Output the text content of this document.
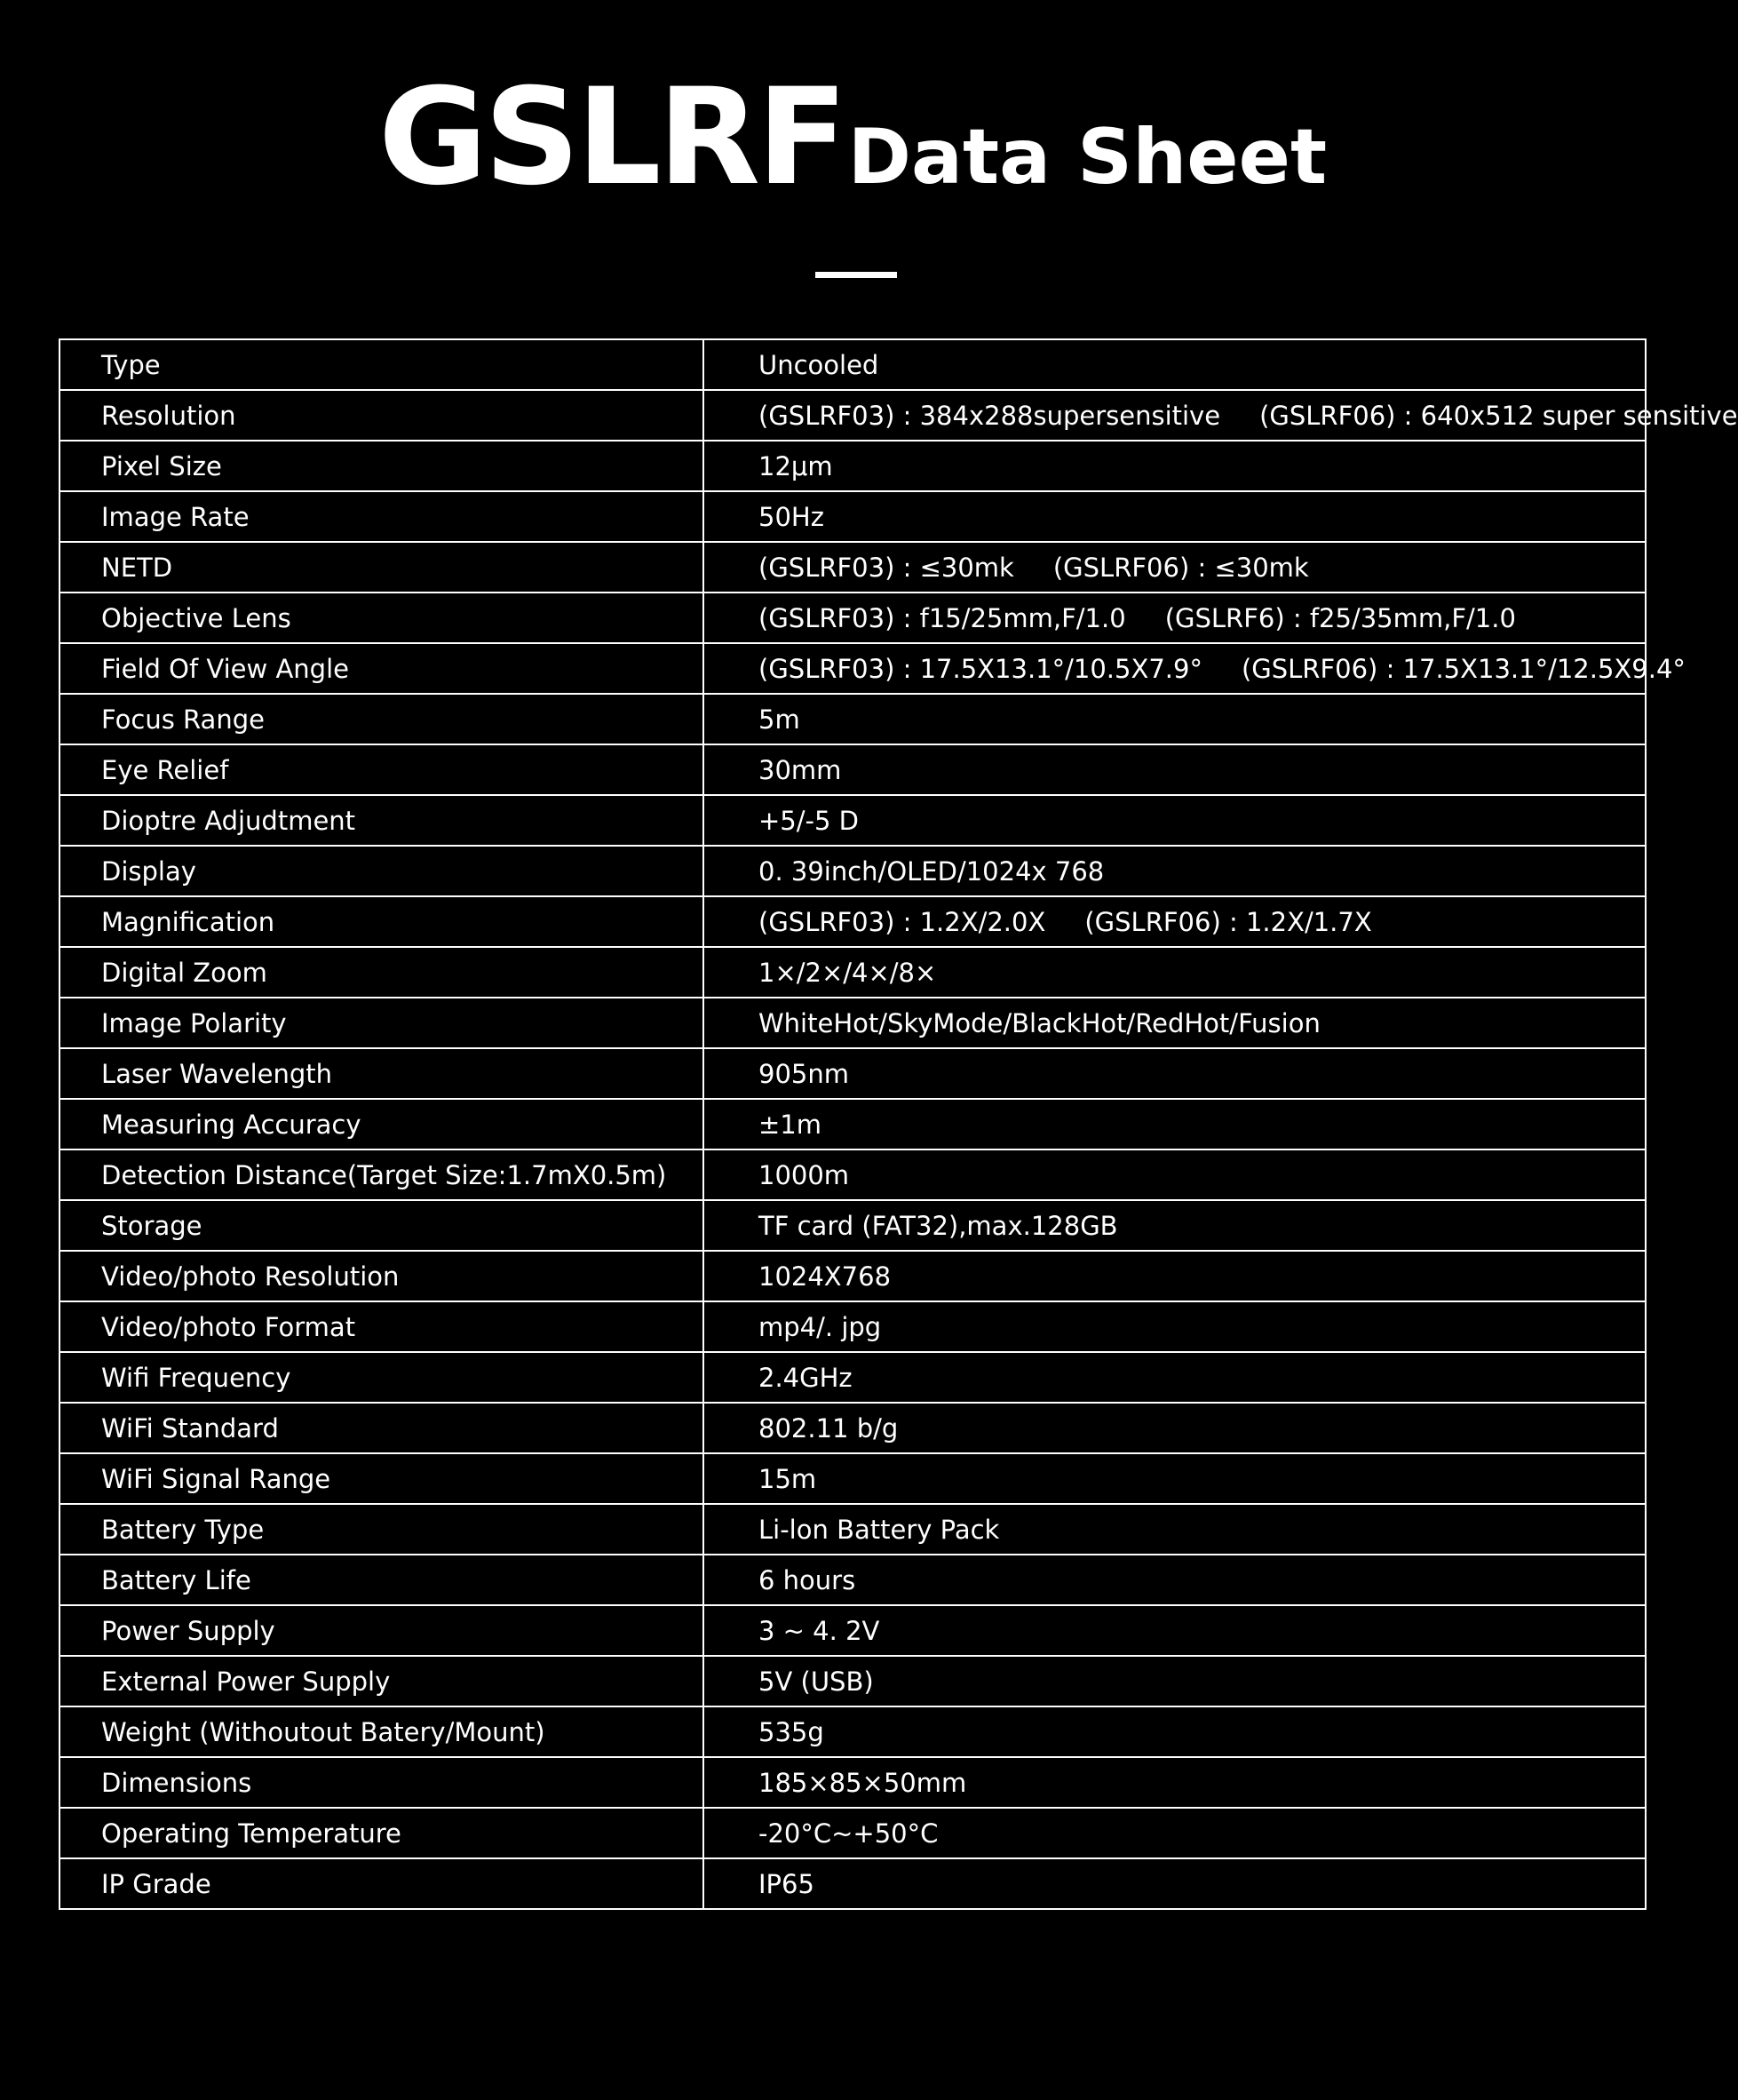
GSLRFData Sheet
Type	Uncooled
Resolution	(GSLRF03) : 384x288supersensitive (GSLRF06) : 640x512 super sensitive
Pixel Size	12μm
Image Rate	50Hz
NETD	(GSLRF03) : ≤30mk (GSLRF06) : ≤30mk
Objective Lens	(GSLRF03) : f15/25mm,F/1.0 (GSLRF6) : f25/35mm,F/1.0
Field Of View Angle	(GSLRF03) : 17.5X13.1°/10.5X7.9° (GSLRF06) : 17.5X13.1°/12.5X9.4°
Focus Range	5m
Eye Relief	30mm
Dioptre Adjudtment	+5/-5 D
Display	0. 39inch/OLED/1024x 768
Magnification	(GSLRF03) : 1.2X/2.0X (GSLRF06) : 1.2X/1.7X
Digital Zoom	1×/2×/4×/8×
Image Polarity	WhiteHot/SkyMode/BlackHot/RedHot/Fusion
Laser Wavelength	905nm
Measuring Accuracy	±1m
Detection Distance(Target Size:1.7mX0.5m)	1000m
Storage	TF card (FAT32),max.128GB
Video/photo Resolution	1024X768
Video/photo Format	mp4/. jpg
Wifi Frequency	2.4GHz
WiFi Standard	802.11 b/g
WiFi Signal Range	15m
Battery Type	Li-lon Battery Pack
Battery Life	6 hours
Power Supply	3 ~ 4. 2V
External Power Supply	5V (USB)
Weight (Withoutout Batery/Mount)	535g
Dimensions	185×85×50mm
Operating Temperature	-20°C~+50°C
IP Grade	IP65
